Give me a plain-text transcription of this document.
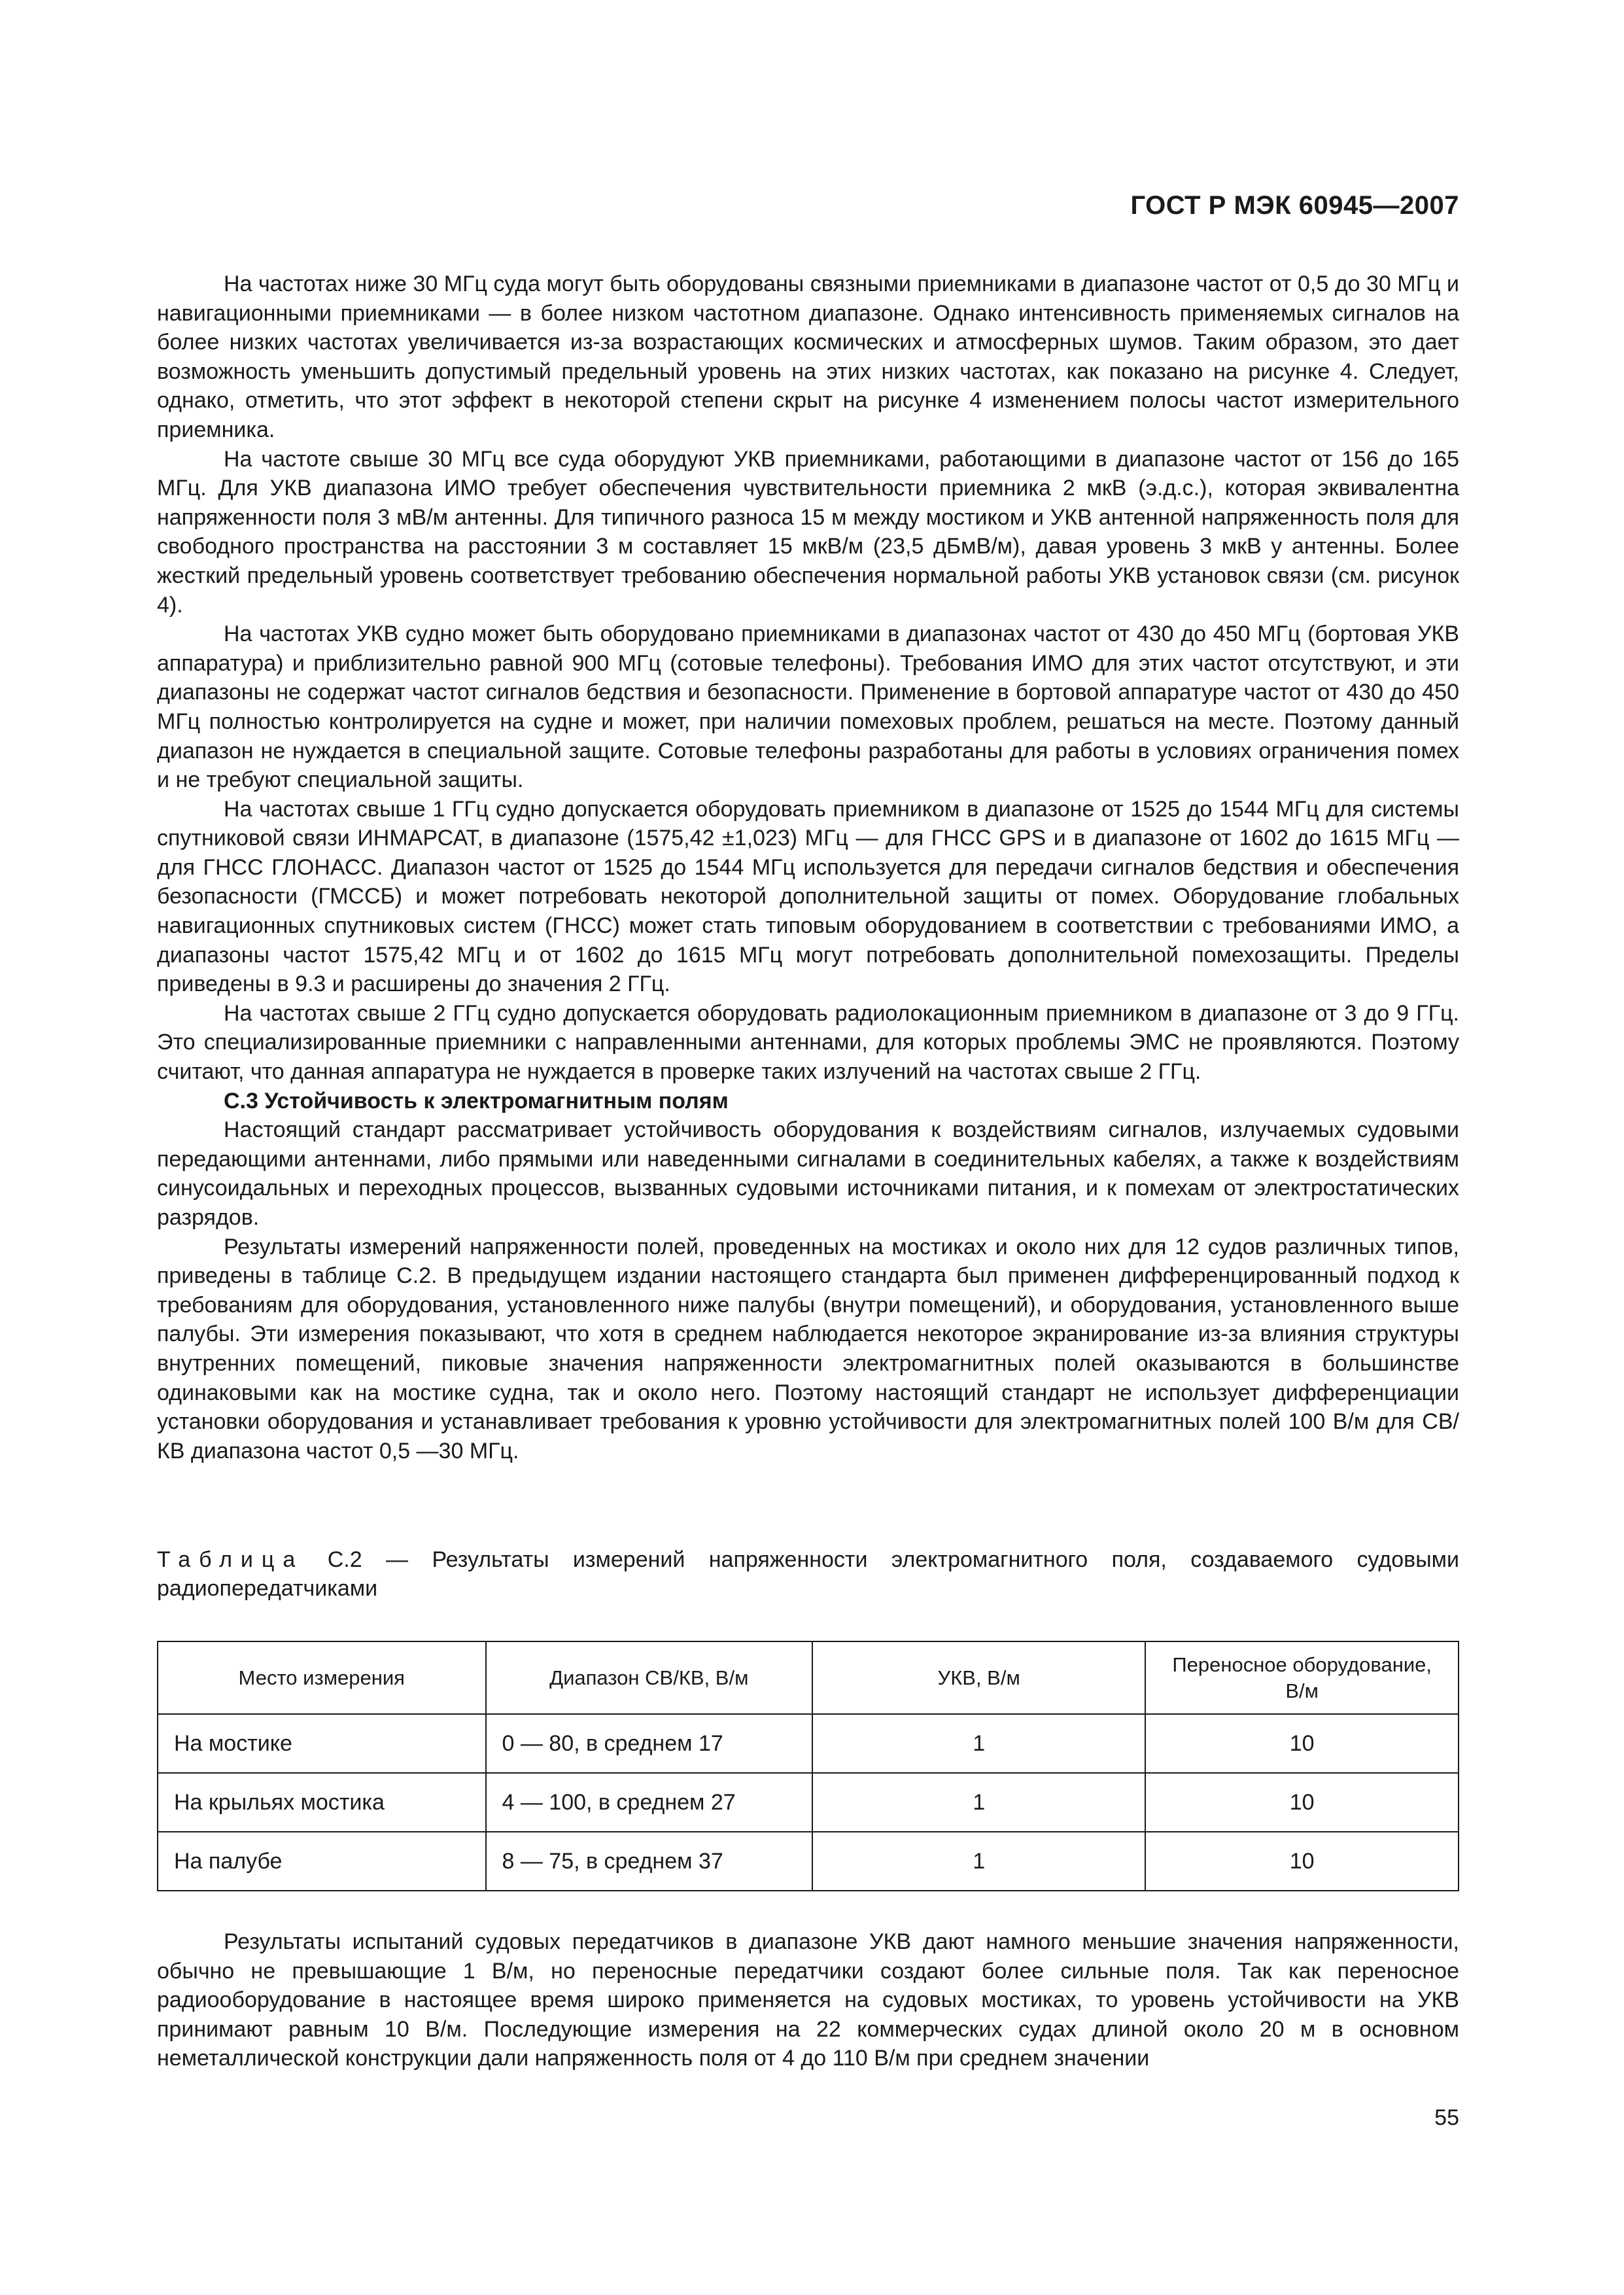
ГОСТ Р МЭК 60945—2007

На частотах ниже 30 МГц суда могут быть оборудованы связными приемниками в диапазоне частот от 0,5 до 30 МГц и навигационными приемниками — в более низком частотном диапазоне. Однако интенсивность применяемых сигналов на более низких частотах увеличивается из-за возрастающих космических и атмосферных шумов. Таким образом, это дает возможность уменьшить допустимый предельный уровень на этих низких частотах, как показано на рисунке 4. Следует, однако, отметить, что этот эффект в некоторой степени скрыт на рисунке 4 изменением полосы частот измерительного приемника.

На частоте свыше 30 МГц все суда оборудуют УКВ приемниками, работающими в диапазоне частот от 156 до 165 МГц. Для УКВ диапазона ИМО требует обеспечения чувствительности приемника 2 мкВ (э.д.с.), которая эквивалентна напряженности поля 3 мВ/м антенны. Для типичного разноса 15 м между мостиком и УКВ антенной напряженность поля для свободного пространства на расстоянии 3 м составляет 15 мкВ/м (23,5 дБмВ/м), давая уровень 3 мкВ у антенны. Более жесткий предельный уровень соответствует требованию обеспечения нормальной работы УКВ установок связи (см. рисунок 4).

На частотах УКВ судно может быть оборудовано приемниками в диапазонах частот от 430 до 450 МГц (бортовая УКВ аппаратура) и приблизительно равной 900 МГц (сотовые телефоны). Требования ИМО для этих частот отсутствуют, и эти диапазоны не содержат частот сигналов бедствия и безопасности. Применение в бортовой аппаратуре частот от 430 до 450 МГц полностью контролируется на судне и может, при наличии помеховых проблем, решаться на месте. Поэтому данный диапазон не нуждается в специальной защите. Сотовые телефоны разработаны для работы в условиях ограничения помех и не требуют специальной защиты.

На частотах свыше 1 ГГц судно допускается оборудовать приемником в диапазоне от 1525 до 1544 МГц для системы спутниковой связи ИНМАРСАТ, в диапазоне (1575,42 ±1,023) МГц — для ГНСС GPS и в диапазоне от 1602 до 1615 МГц — для ГНСС ГЛОНАСС. Диапазон частот от 1525 до 1544 МГц используется для передачи сигналов бедствия и обеспечения безопасности (ГМССБ) и может потребовать некоторой дополнительной защиты от помех. Оборудование глобальных навигационных спутниковых систем (ГНСС) может стать типовым оборудованием в соответствии с требованиями ИМО, а диапазоны частот 1575,42 МГц и от 1602 до 1615 МГц могут потребовать дополнительной помехозащиты. Пределы приведены в 9.3 и расширены до значения 2 ГГц.

На частотах свыше 2 ГГц судно допускается оборудовать радиолокационным приемником в диапазоне от 3 до 9 ГГц. Это специализированные приемники с направленными антеннами, для которых проблемы ЭМС не проявляются. Поэтому считают, что данная аппаратура не нуждается в проверке таких излучений на частотах свыше 2 ГГц.

С.3 Устойчивость к электромагнитным полям

Настоящий стандарт рассматривает устойчивость оборудования к воздействиям сигналов, излучаемых судовыми передающими антеннами, либо прямыми или наведенными сигналами в соединительных кабелях, а также к воздействиям синусоидальных и переходных процессов, вызванных судовыми источниками питания, и к помехам от электростатических разрядов.

Результаты измерений напряженности полей, проведенных на мостиках и около них для 12 судов различных типов, приведены в таблице С.2. В предыдущем издании настоящего стандарта был применен дифференцированный подход к требованиям для оборудования, установленного ниже палубы (внутри помещений), и оборудования, установленного выше палубы. Эти измерения показывают, что хотя в среднем наблюдается некоторое экранирование из-за влияния структуры внутренних помещений, пиковые значения напряженности электромагнитных полей оказываются в большинстве одинаковыми как на мостике судна, так и около него. Поэтому настоящий стандарт не использует дифференциации установки оборудования и устанавливает требования к уровню устойчивости для электромагнитных полей 100 В/м для СВ/КВ диапазона частот 0,5 —30 МГц.

Таблица С.2 — Результаты измерений напряженности электромагнитного поля, создаваемого судовыми радиопередатчиками
Место измерения	Диапазон СВ/КВ, В/м	УКВ, В/м	Переносное оборудование, В/м
На мостике	0 — 80, в среднем 17	1	10
На крыльях мостика	4 — 100, в среднем 27	1	10
На палубе	8 — 75, в среднем 37	1	10

Результаты испытаний судовых передатчиков в диапазоне УКВ дают намного меньшие значения напряженности, обычно не превышающие 1 В/м, но переносные передатчики создают более сильные поля. Так как переносное радиооборудование в настоящее время широко применяется на судовых мостиках, то уровень устойчивости на УКВ принимают равным 10 В/м. Последующие измерения на 22 коммерческих судах длиной около 20 м в основном неметаллической конструкции дали напряженность поля от 4 до 110 В/м при среднем значении

55
